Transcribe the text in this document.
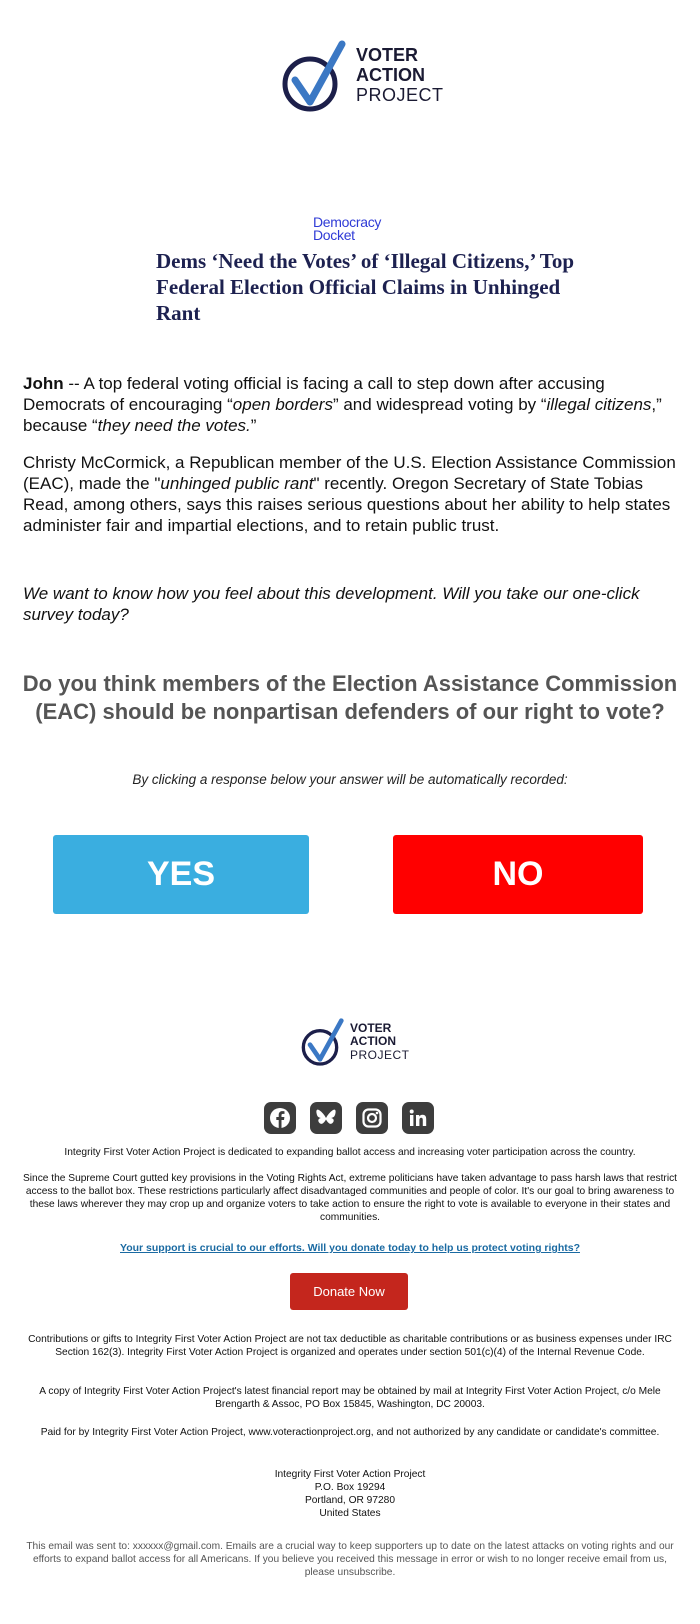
VOTER
ACTION
PROJECT
Democracy
Docket
Dems ‘Need the Votes’ of ‘Illegal Citizens,’ Top Federal Election Official Claims in Unhinged Rant

John -- A top federal voting official is facing a call to step down after accusing Democrats of encouraging “open borders” and widespread voting by “illegal citizens,” because “they need the votes.”

Christy McCormick, a Republican member of the U.S. Election Assistance Commission (EAC), made the "unhinged public rant" recently. Oregon Secretary of State Tobias Read, among others, says this raises serious questions about her ability to help states administer fair and impartial elections, and to retain public trust.

We want to know how you feel about this development. Will you take our one-click survey today?

Do you think members of the Election Assistance Commission (EAC) should be nonpartisan defenders of our right to vote?
By clicking a response below your answer will be automatically recorded:
YES	NO
VOTER
ACTION
PROJECT

Integrity First Voter Action Project is dedicated to expanding ballot access and increasing voter participation across the country.

Since the Supreme Court gutted key provisions in the Voting Rights Act, extreme politicians have taken advantage to pass harsh laws that restrict access to the ballot box. These restrictions particularly affect disadvantaged communities and people of color. It's our goal to bring awareness to these laws wherever they may crop up and organize voters to take action to ensure the right to vote is available to everyone in their states and communities.

Your support is crucial to our efforts. Will you donate today to help us protect voting rights?

Donate Now

Contributions or gifts to Integrity First Voter Action Project are not tax deductible as charitable contributions or as business expenses under IRC Section 162(3). Integrity First Voter Action Project is organized and operates under section 501(c)(4) of the Internal Revenue Code.

A copy of Integrity First Voter Action Project's latest financial report may be obtained by mail at Integrity First Voter Action Project, c/o Mele Brengarth & Assoc, PO Box 15845, Washington, DC 20003.

Paid for by Integrity First Voter Action Project, www.voteractionproject.org, and not authorized by any candidate or candidate's committee.

Integrity First Voter Action Project
P.O. Box 19294
Portland, OR 97280
United States

This email was sent to: xxxxxx@gmail.com. Emails are a crucial way to keep supporters up to date on the latest attacks on voting rights and our efforts to expand ballot access for all Americans. If you believe you received this message in error or wish to no longer receive email from us, please unsubscribe.
